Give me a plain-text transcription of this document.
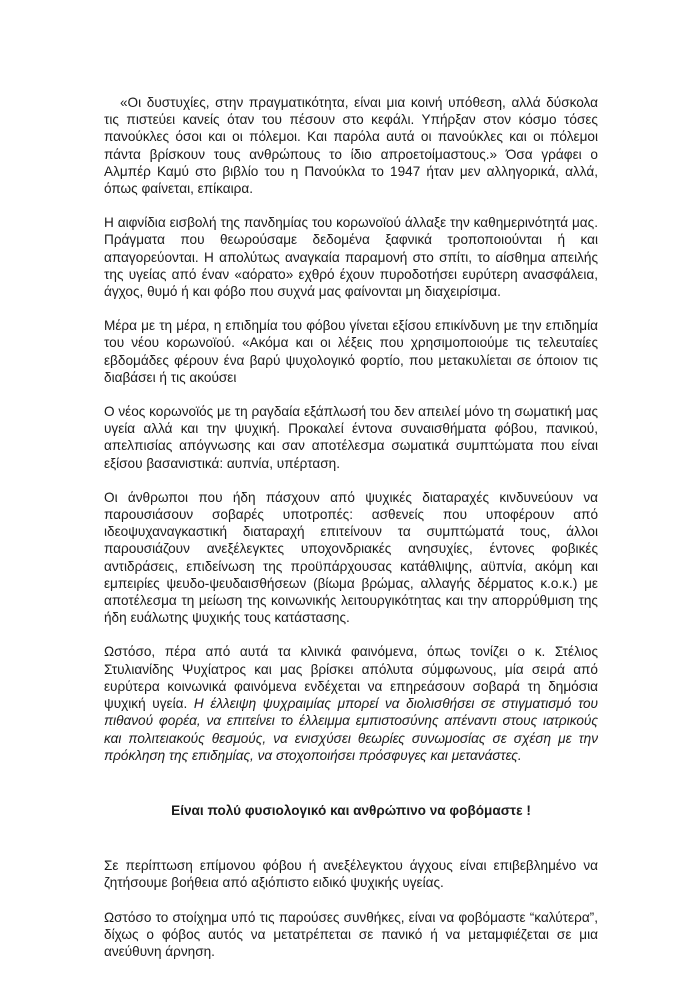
«Οι δυστυχίες, στην πραγματικότητα, είναι μια κοινή υπόθεση, αλλά δύσκολα τις πιστεύει κανείς όταν του πέσουν στο κεφάλι. Υπήρξαν στον κόσμο τόσες πανούκλες όσοι και οι πόλεμοι. Και παρόλα αυτά οι πανούκλες και οι πόλεμοι πάντα βρίσκουν τους ανθρώπους το ίδιο απροετοίμαστους.» Όσα γράφει ο Αλμπέρ Καμύ στο βιβλίο του η Πανούκλα το 1947 ήταν μεν αλληγορικά, αλλά, όπως φαίνεται, επίκαιρα.

Η αιφνίδια εισβολή της πανδημίας του κορωνοϊού άλλαξε την καθημερινότητά μας. Πράγματα που θεωρούσαμε δεδομένα ξαφνικά τροποποιούνται ή και απαγορεύονται. Η απολύτως αναγκαία παραμονή στο σπίτι, το αίσθημα απειλής της υγείας από έναν «αόρατο» εχθρό έχουν πυροδοτήσει ευρύτερη ανασφάλεια, άγχος, θυμό ή και φόβο που συχνά μας φαίνονται μη διαχειρίσιμα.

Μέρα με τη μέρα, η επιδημία του φόβου γίνεται εξίσου επικίνδυνη με την επιδημία του νέου κορωνοϊού. «Ακόμα και οι λέξεις που χρησιμοποιούμε τις τελευταίες εβδομάδες φέρουν ένα βαρύ ψυχολογικό φορτίο, που μετακυλίεται σε όποιον τις διαβάσει ή τις ακούσει

Ο νέος κορωνοϊός με τη ραγδαία εξάπλωσή του δεν απειλεί μόνο τη σωματική μας υγεία αλλά και την ψυχική. Προκαλεί έντονα συναισθήματα φόβου, πανικού, απελπισίας απόγνωσης και σαν αποτέλεσμα σωματικά συμπτώματα που είναι εξίσου βασανιστικά: αυπνία, υπέρταση.

Οι άνθρωποι που ήδη πάσχουν από ψυχικές διαταραχές κινδυνεύουν να παρουσιάσουν σοβαρές υποτροπές: ασθενείς που υποφέρουν από ιδεοψυχαναγκαστική διαταραχή επιτείνουν τα συμπτώματά τους, άλλοι παρουσιάζουν ανεξέλεγκτες υποχονδριακές ανησυχίες, έντονες φοβικές αντιδράσεις, επιδείνωση της προϋπάρχουσας κατάθλιψης, αϋπνία, ακόμη και εμπειρίες ψευδο-ψευδαισθήσεων (βίωμα βρώμας, αλλαγής δέρματος κ.ο.κ.) με αποτέλεσμα τη μείωση της κοινωνικής λειτουργικότητας και την απορρύθμιση της ήδη ευάλωτης ψυχικής τους κατάστασης.

Ωστόσο, πέρα από αυτά τα κλινικά φαινόμενα, όπως τονίζει ο κ. Στέλιος Στυλιανίδης Ψυχίατρος και μας βρίσκει απόλυτα σύμφωνους, μία σειρά από ευρύτερα κοινωνικά φαινόμενα ενδέχεται να επηρεάσουν σοβαρά τη δημόσια ψυχική υγεία. Η έλλειψη ψυχραιμίας μπορεί να διολισθήσει σε στιγματισμό του πιθανού φορέα, να επιτείνει το έλλειμμα εμπιστοσύνης απέναντι στους ιατρικούς και πολιτειακούς θεσμούς, να ενισχύσει θεωρίες συνωμοσίας σε σχέση με την πρόκληση της επιδημίας, να στοχοποιήσει πρόσφυγες και μετανάστες.

Είναι πολύ φυσιολογικό και ανθρώπινο να φοβόμαστε !

Σε περίπτωση επίμονου φόβου ή ανεξέλεγκτου άγχους είναι επιβεβλημένο να ζητήσουμε βοήθεια από αξιόπιστο ειδικό ψυχικής υγείας.

Ωστόσο το στοίχημα υπό τις παρούσες συνθήκες, είναι να φοβόμαστε “καλύτερα”, δίχως ο φόβος αυτός να μετατρέπεται σε πανικό ή να μεταμφιέζεται σε μια ανεύθυνη άρνηση.
